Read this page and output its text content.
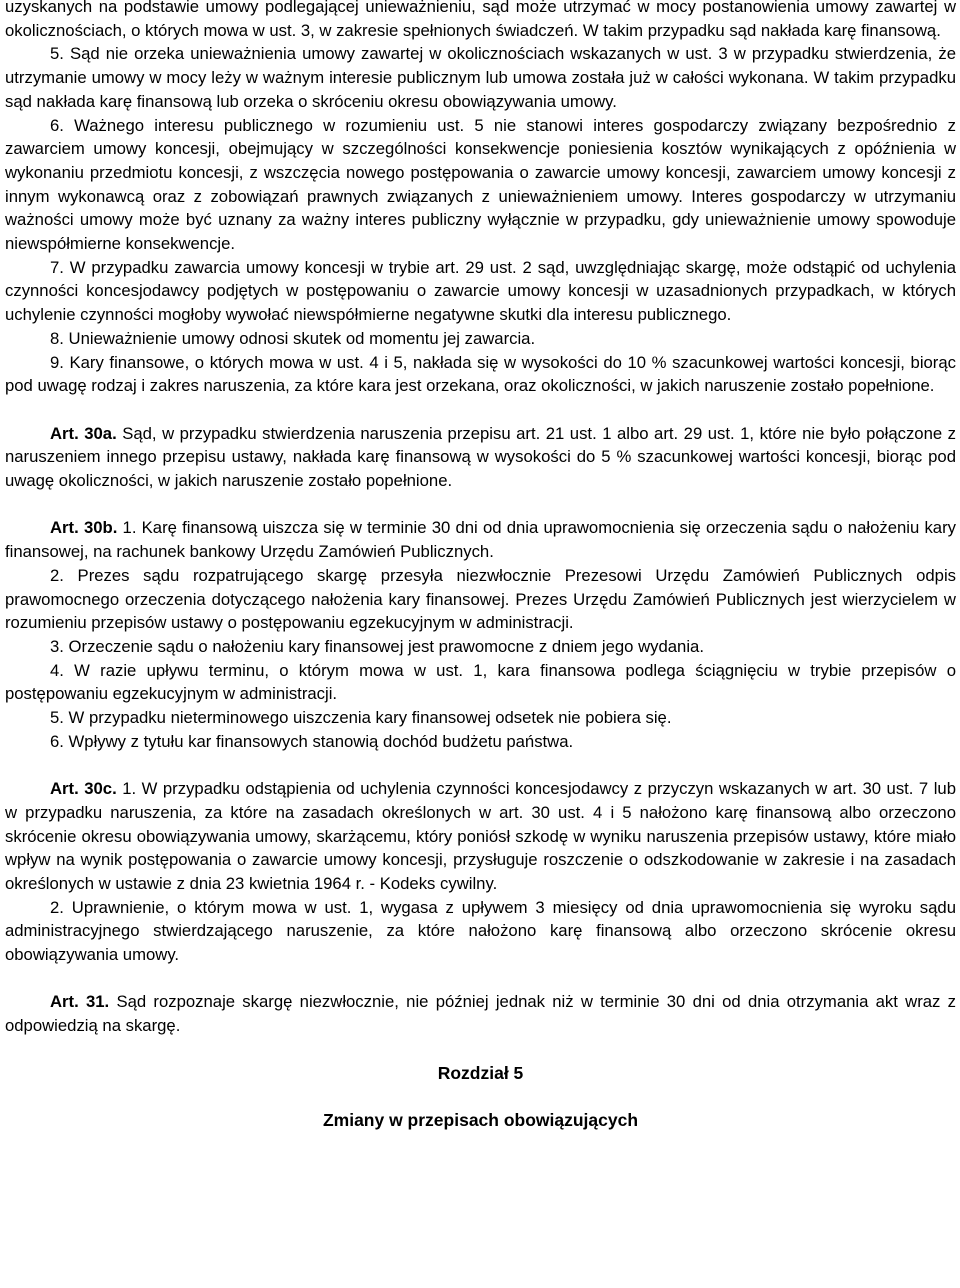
uzyskanych na podstawie umowy podlegającej unieważnieniu, sąd może utrzymać w mocy postanowienia umowy zawartej w okolicznościach, o których mowa w ust. 3, w zakresie spełnionych świadczeń. W takim przypadku sąd nakłada karę finansową.

5. Sąd nie orzeka unieważnienia umowy zawartej w okolicznościach wskazanych w ust. 3 w przypadku stwierdzenia, że utrzymanie umowy w mocy leży w ważnym interesie publicznym lub umowa została już w całości wykonana. W takim przypadku sąd nakłada karę finansową lub orzeka o skróceniu okresu obowiązywania umowy.

6. Ważnego interesu publicznego w rozumieniu ust. 5 nie stanowi interes gospodarczy związany bezpośrednio z zawarciem umowy koncesji, obejmujący w szczególności konsekwencje poniesienia kosztów wynikających z opóźnienia w wykonaniu przedmiotu koncesji, z wszczęcia nowego postępowania o zawarcie umowy koncesji, zawarciem umowy koncesji z innym wykonawcą oraz z zobowiązań prawnych związanych z unieważnieniem umowy. Interes gospodarczy w utrzymaniu ważności umowy może być uznany za ważny interes publiczny wyłącznie w przypadku, gdy unieważnienie umowy spowoduje niewspółmierne konsekwencje.

7. W przypadku zawarcia umowy koncesji w trybie art. 29 ust. 2 sąd, uwzględniając skargę, może odstąpić od uchylenia czynności koncesjodawcy podjętych w postępowaniu o zawarcie umowy koncesji w uzasadnionych przypadkach, w których uchylenie czynności mogłoby wywołać niewspółmierne negatywne skutki dla interesu publicznego.

8. Unieważnienie umowy odnosi skutek od momentu jej zawarcia.

9. Kary finansowe, o których mowa w ust. 4 i 5, nakłada się w wysokości do 10 % szacunkowej wartości koncesji, biorąc pod uwagę rodzaj i zakres naruszenia, za które kara jest orzekana, oraz okoliczności, w jakich naruszenie zostało popełnione.

Art. 30a. Sąd, w przypadku stwierdzenia naruszenia przepisu art. 21 ust. 1 albo art. 29 ust. 1, które nie było połączone z naruszeniem innego przepisu ustawy, nakłada karę finansową w wysokości do 5 % szacunkowej wartości koncesji, biorąc pod uwagę okoliczności, w jakich naruszenie zostało popełnione.

Art. 30b. 1. Karę finansową uiszcza się w terminie 30 dni od dnia uprawomocnienia się orzeczenia sądu o nałożeniu kary finansowej, na rachunek bankowy Urzędu Zamówień Publicznych.

2. Prezes sądu rozpatrującego skargę przesyła niezwłocznie Prezesowi Urzędu Zamówień Publicznych odpis prawomocnego orzeczenia dotyczącego nałożenia kary finansowej. Prezes Urzędu Zamówień Publicznych jest wierzycielem w rozumieniu przepisów ustawy o postępowaniu egzekucyjnym w administracji.

3. Orzeczenie sądu o nałożeniu kary finansowej jest prawomocne z dniem jego wydania.

4. W razie upływu terminu, o którym mowa w ust. 1, kara finansowa podlega ściągnięciu w trybie przepisów o postępowaniu egzekucyjnym w administracji.

5. W przypadku nieterminowego uiszczenia kary finansowej odsetek nie pobiera się.

6. Wpływy z tytułu kar finansowych stanowią dochód budżetu państwa.

Art. 30c. 1. W przypadku odstąpienia od uchylenia czynności koncesjodawcy z przyczyn wskazanych w art. 30 ust. 7 lub w przypadku naruszenia, za które na zasadach określonych w art. 30 ust. 4 i 5 nałożono karę finansową albo orzeczono skrócenie okresu obowiązywania umowy, skarżącemu, który poniósł szkodę w wyniku naruszenia przepisów ustawy, które miało wpływ na wynik postępowania o zawarcie umowy koncesji, przysługuje roszczenie o odszkodowanie w zakresie i na zasadach określonych w ustawie z dnia 23 kwietnia 1964 r. - Kodeks cywilny.

2. Uprawnienie, o którym mowa w ust. 1, wygasa z upływem 3 miesięcy od dnia uprawomocnienia się wyroku sądu administracyjnego stwierdzającego naruszenie, za które nałożono karę finansową albo orzeczono skrócenie okresu obowiązywania umowy.

Art. 31. Sąd rozpoznaje skargę niezwłocznie, nie później jednak niż w terminie 30 dni od dnia otrzymania akt wraz z odpowiedzią na skargę.

Rozdział 5

Zmiany w przepisach obowiązujących
